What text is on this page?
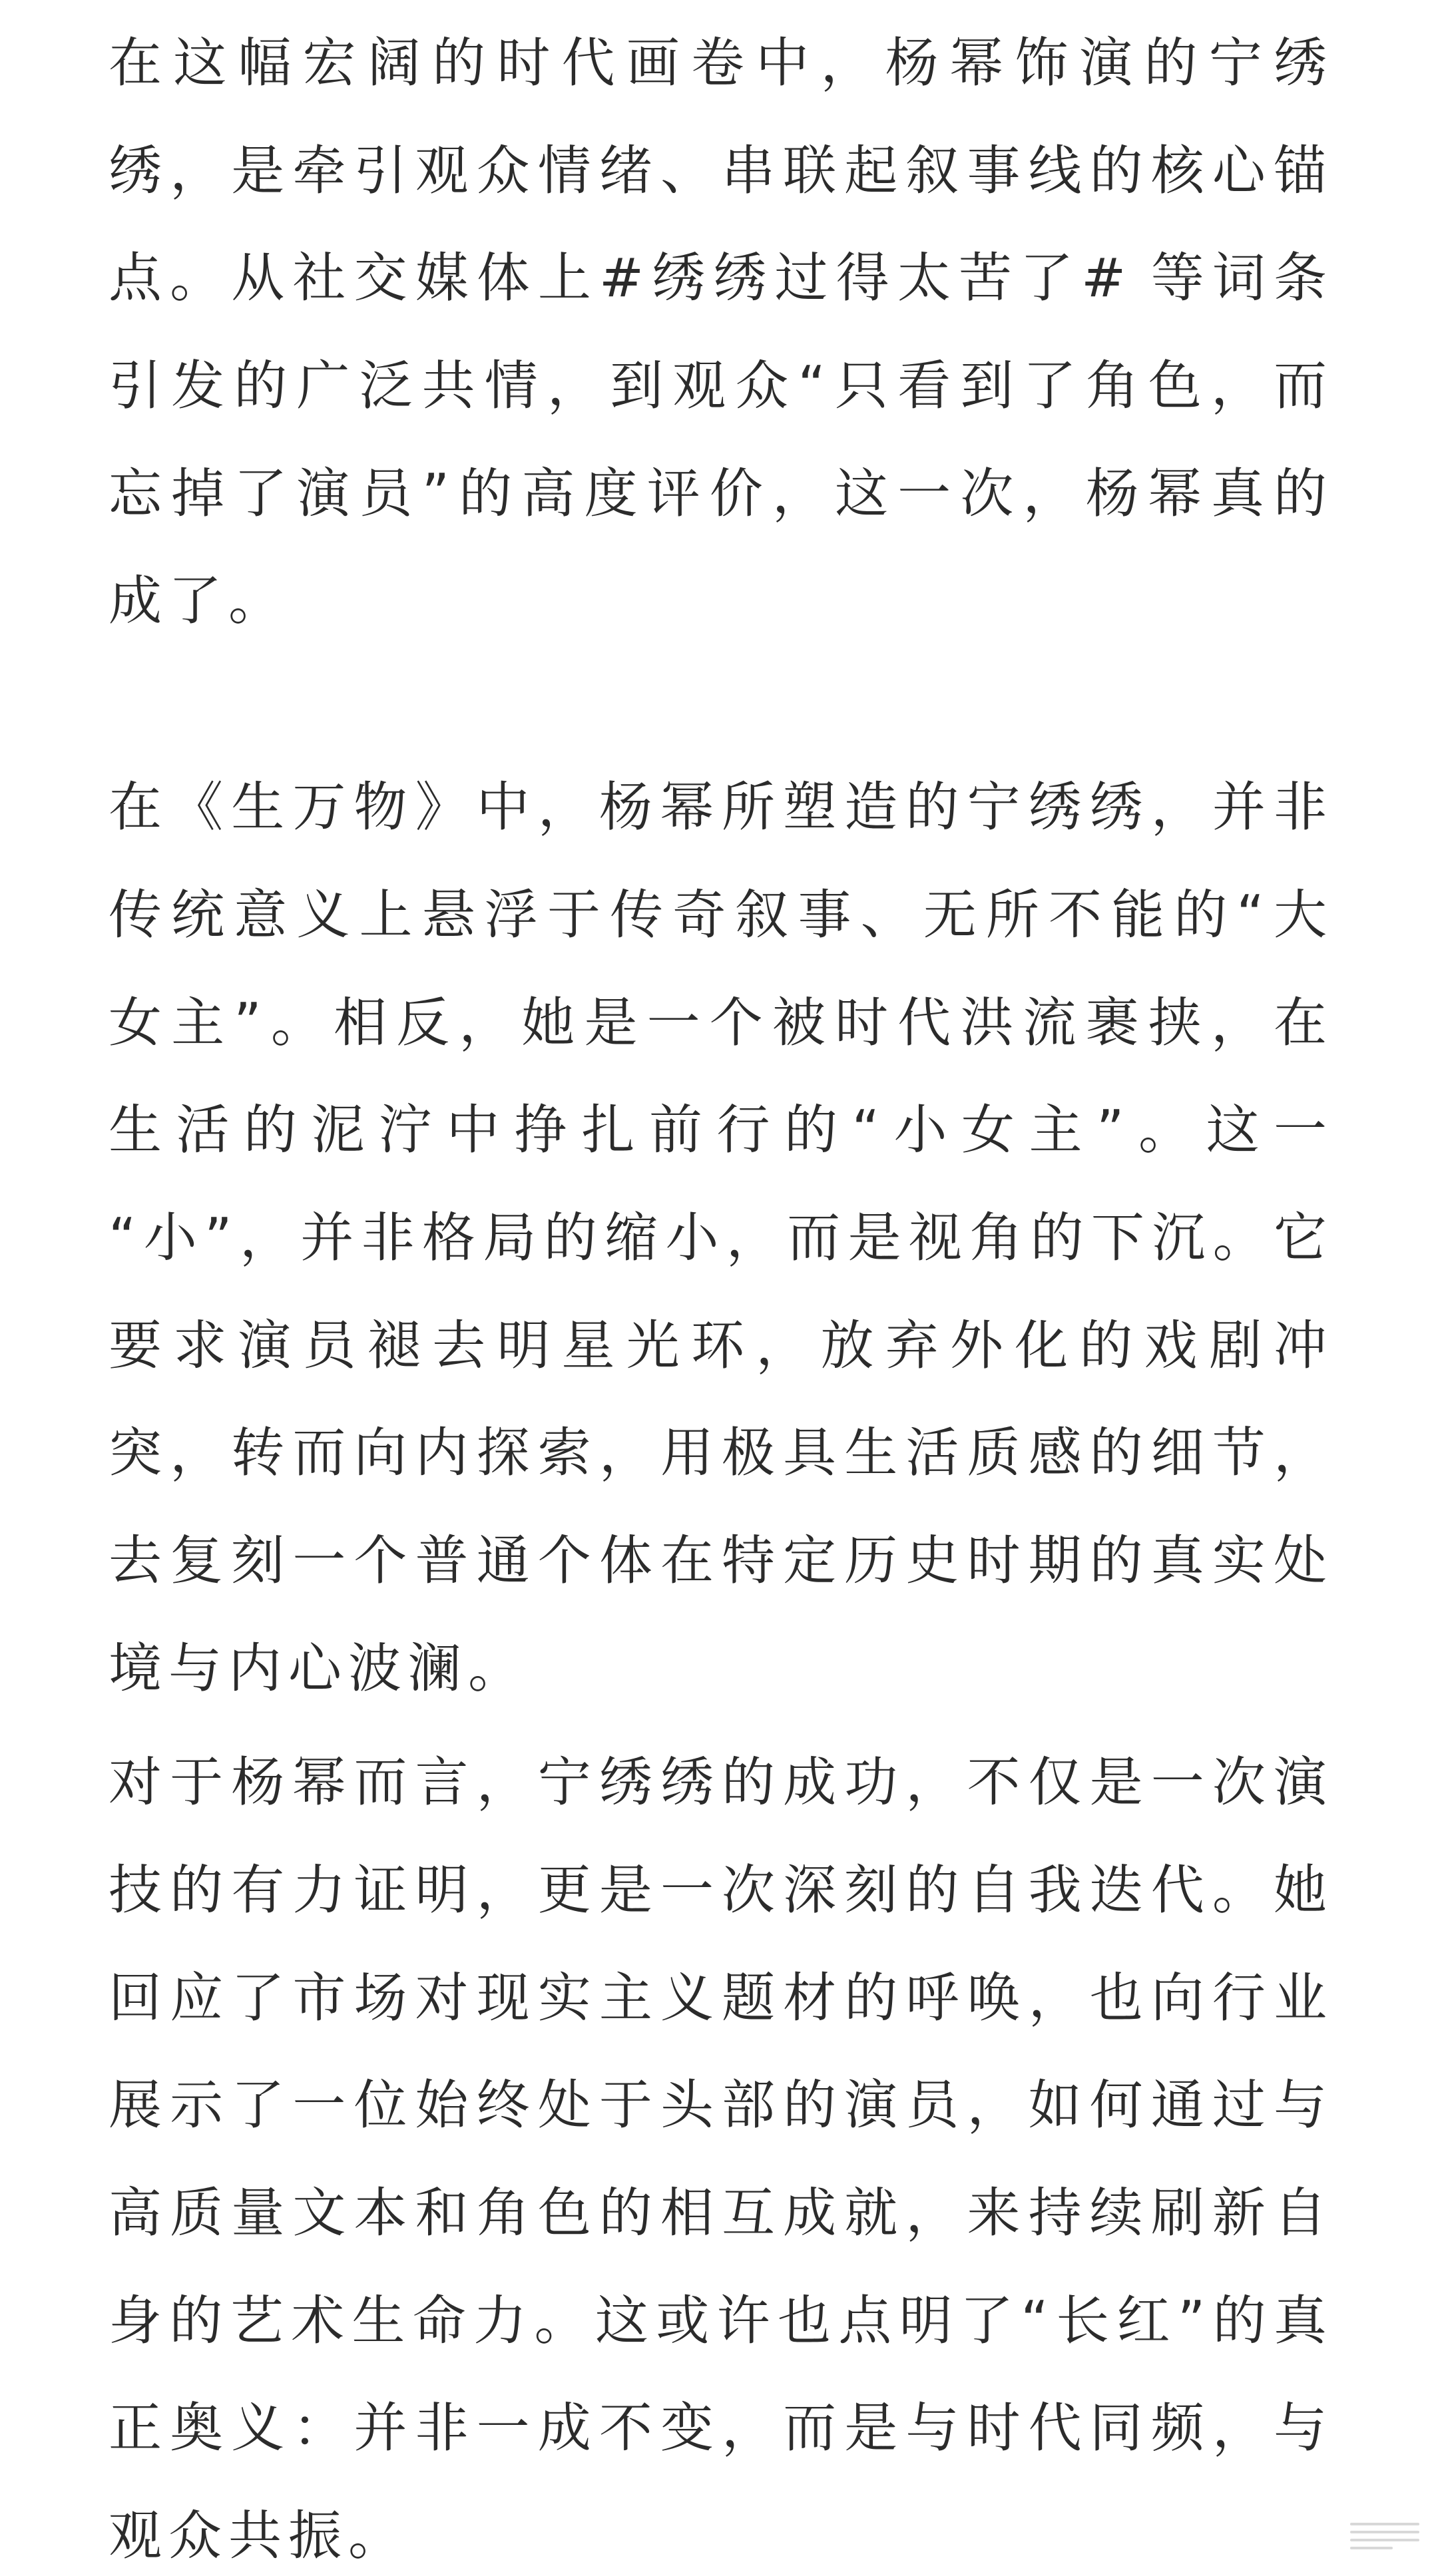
在这幅宏阔的时代画卷中，杨幂饰演的宁绣
绣，是牵引观众情绪、串联起叙事线的核心锚
点。从社交媒体上#绣绣过得太苦了# 等词条
引发的广泛共情，到观众“只看到了角色，而
忘掉了演员”的高度评价，这一次，杨幂真的
成了。
在《生万物》中，杨幂所塑造的宁绣绣，并非
传统意义上悬浮于传奇叙事、无所不能的“大
女主”。相反，她是一个被时代洪流裹挟，在
生活的泥泞中挣扎前行的“小女主”。这一
“小”，并非格局的缩小，而是视角的下沉。它
要求演员褪去明星光环，放弃外化的戏剧冲
突，转而向内探索，用极具生活质感的细节，
去复刻一个普通个体在特定历史时期的真实处
境与内心波澜。
对于杨幂而言，宁绣绣的成功，不仅是一次演
技的有力证明，更是一次深刻的自我迭代。她
回应了市场对现实主义题材的呼唤，也向行业
展示了一位始终处于头部的演员，如何通过与
高质量文本和角色的相互成就，来持续刷新自
身的艺术生命力。这或许也点明了“长红”的真
正奥义：并非一成不变，而是与时代同频，与
观众共振。
